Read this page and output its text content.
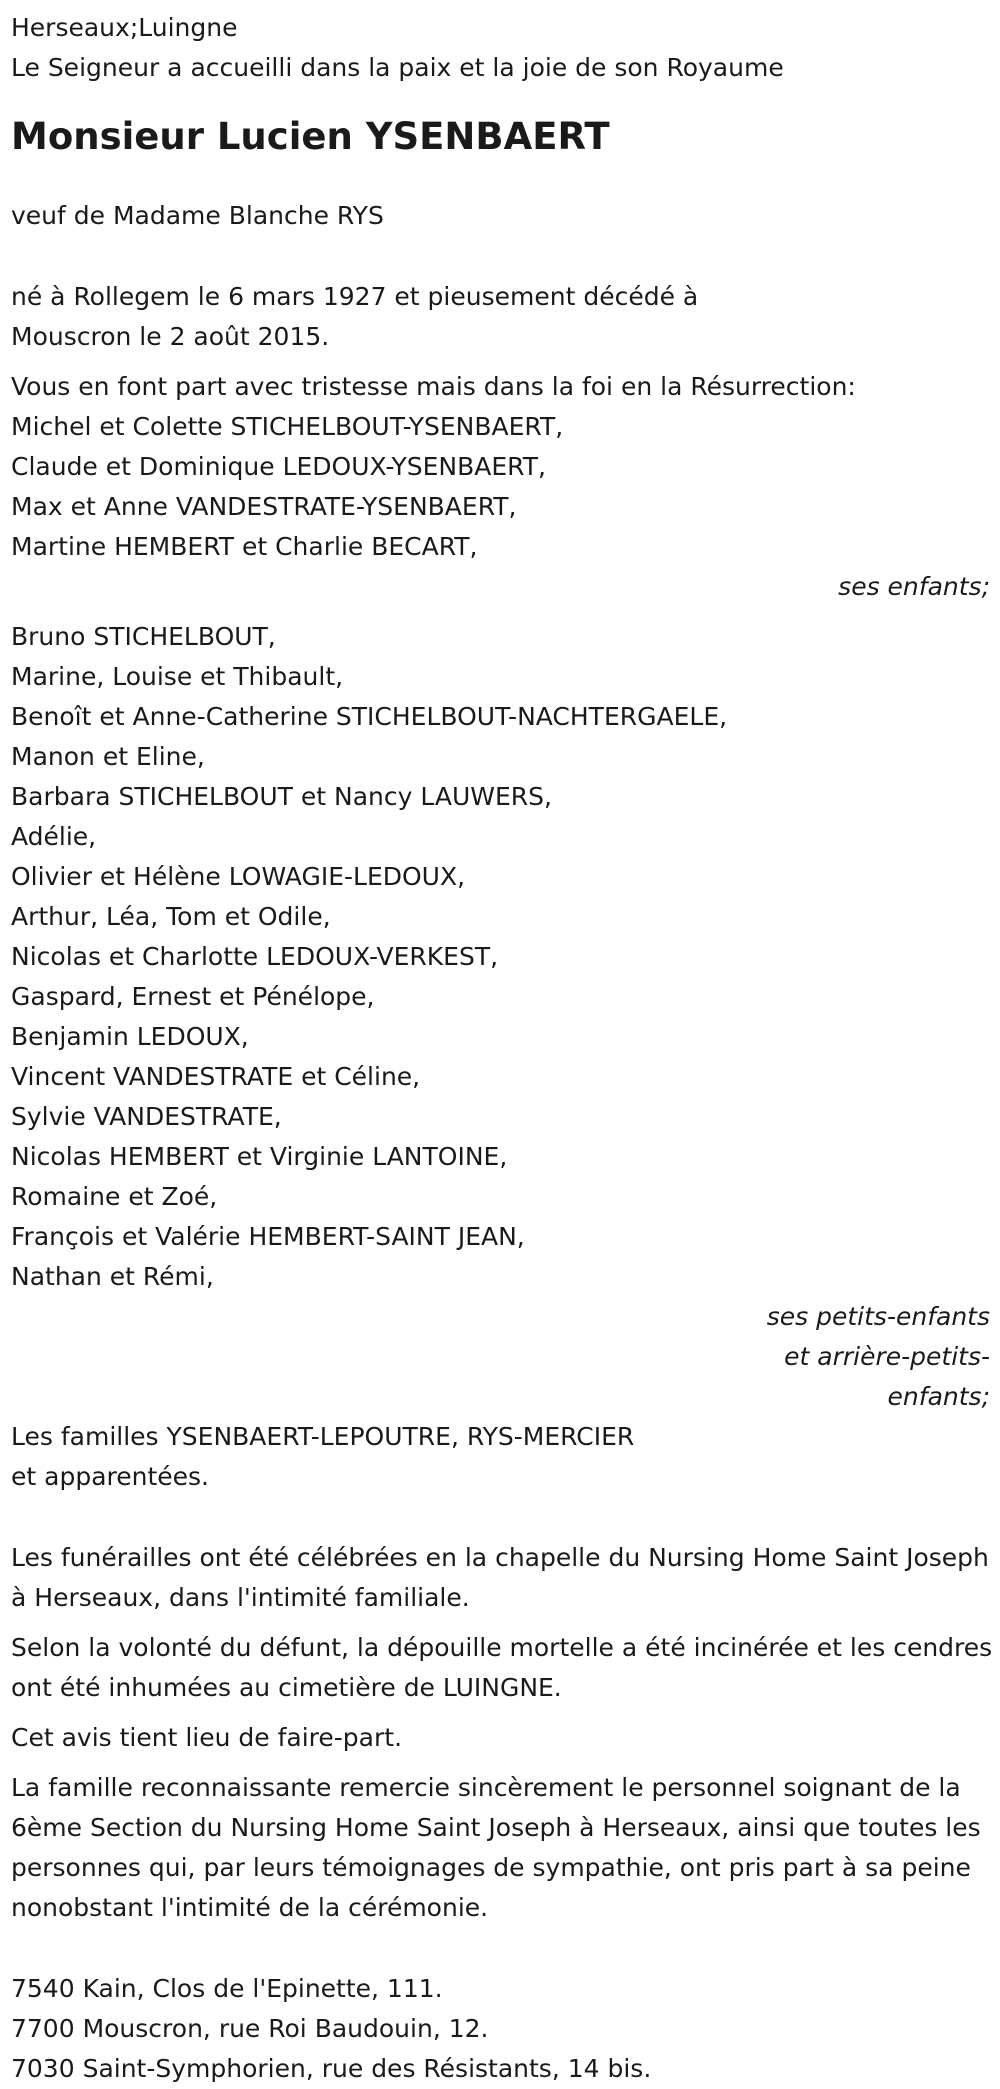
Herseaux;Luingne

Le Seigneur a accueilli dans la paix et la joie de son Royaume

Monsieur Lucien YSENBAERT

veuf de Madame Blanche RYS

né à Rollegem le 6 mars 1927 et pieusement décédé à Mouscron le 2 août 2015.

Vous en font part avec tristesse mais dans la foi en la Résurrection:

Michel et Colette STICHELBOUT-YSENBAERT,

Claude et Dominique LEDOUX-YSENBAERT,

Max et Anne VANDESTRATE-YSENBAERT,

Martine HEMBERT et Charlie BECART,

ses enfants;

Bruno STICHELBOUT,

Marine, Louise et Thibault,

Benoît et Anne-Catherine STICHELBOUT-NACHTERGAELE,

Manon et Eline,

Barbara STICHELBOUT et Nancy LAUWERS,

Adélie,

Olivier et Hélène LOWAGIE-LEDOUX,

Arthur, Léa, Tom et Odile,

Nicolas et Charlotte LEDOUX-VERKEST,

Gaspard, Ernest et Pénélope,

Benjamin LEDOUX,

Vincent VANDESTRATE et Céline,

Sylvie VANDESTRATE,

Nicolas HEMBERT et Virginie LANTOINE,

Romaine et Zoé,

François et Valérie HEMBERT-SAINT JEAN,

Nathan et Rémi,

ses petits-enfants

et arrière-petits-

enfants;

Les familles YSENBAERT-LEPOUTRE, RYS-MERCIER

et apparentées.

Les funérailles ont été célébrées en la chapelle du Nursing Home Saint Joseph à Herseaux, dans l'intimité familiale.

Selon la volonté du défunt, la dépouille mortelle a été incinérée et les cendres ont été inhumées au cimetière de LUINGNE.

Cet avis tient lieu de faire-part.

La famille reconnaissante remercie sincèrement le personnel soignant de la 6ème Section du Nursing Home Saint Joseph à Herseaux, ainsi que toutes les personnes qui, par leurs témoignages de sympathie, ont pris part à sa peine nonobstant l'intimité de la cérémonie.

7540 Kain, Clos de l'Epinette, 111.

7700 Mouscron, rue Roi Baudouin, 12.

7030 Saint-Symphorien, rue des Résistants, 14 bis.
